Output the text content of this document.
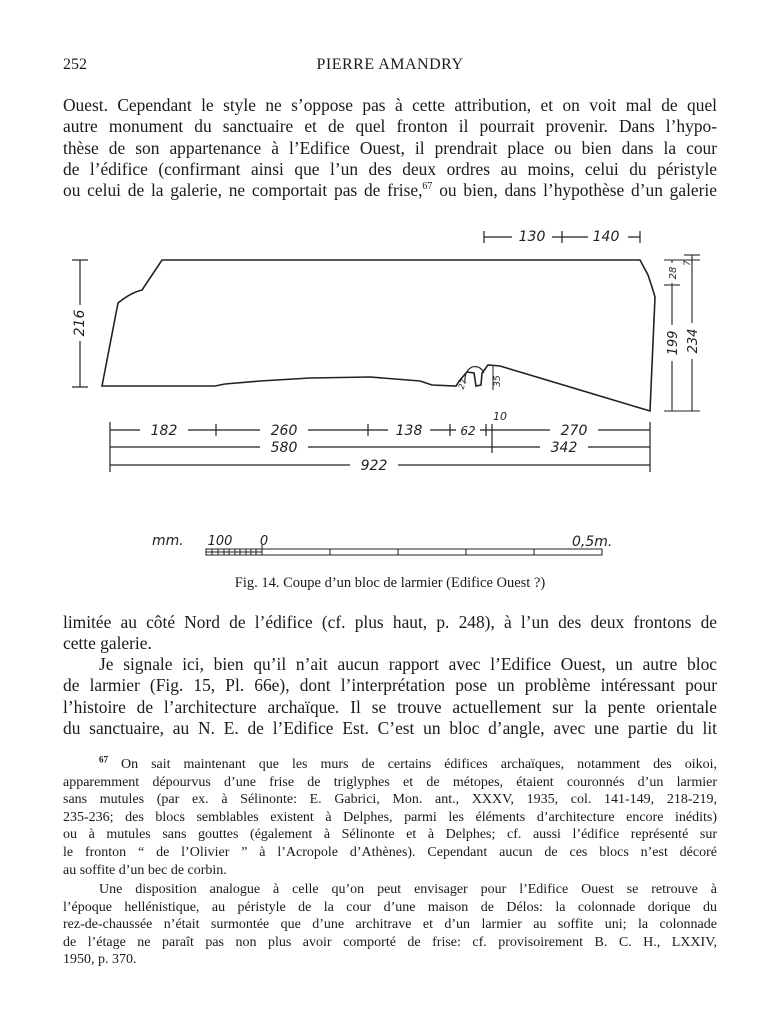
252	PIERRE AMANDRY

Ouest. Cependant le style ne s’oppose pas à cette attribution, et on voit mal de quel
autre monument du sanctuaire et de quel fronton il pourrait provenir. Dans l’hypo-
thèse de son appartenance à l’Edifice Ouest, il prendrait place ou bien dans la cour
de l’édifice (confirmant ainsi que l’un des deux ordres au moins, celui du péristyle
ou celui de la galerie, ne comportait pas de frise,$^{67}$ ou bien, dans l’hypothèse d’un galerie

130	140
216
28
7
199 234
35
27
182	260	138	62
10
270
580	342
922
mm. 100 0	0,5m.
Fig. 14. Coupe d’un bloc de larmier (Edifice Ouest ?)

limitée au côté Nord de l’édifice (cf. plus haut, p. 248), à l’un des deux frontons de
cette galerie.

Je signale ici, bien qu’il n’ait aucun rapport avec l’Edifice Ouest, un autre bloc
de larmier (Fig. 15, Pl. 66e), dont l’interprétation pose un problème intéressant pour
l’histoire de l’architecture archaïque. Il se trouve actuellement sur la pente orientale
du sanctuaire, au N. E. de l’Edifice Est. C’est un bloc d’angle, avec une partie du lit

$^{67}$ On sait maintenant que les murs de certains édifices archaïques, notamment des oikoi,
apparemment dépourvus d’une frise de triglyphes et de métopes, étaient couronnés d’un larmier
sans mutules (par ex. à Sélinonte: E. Gabrici, Mon. ant., XXXV, 1935, col. 141-149, 218-219,
235-236; des blocs semblables existent à Delphes, parmi les éléments d’architecture encore inédits)
ou à mutules sans gouttes (également à Sélinonte et à Delphes; cf. aussi l’édifice représenté sur
le fronton “ de l’Olivier ” à l’Acropole d’Athènes). Cependant aucun de ces blocs n’est décoré
au soffite d’un bec de corbin.

Une disposition analogue à celle qu’on peut envisager pour l’Edifice Ouest se retrouve à
l’époque hellénistique, au péristyle de la cour d’une maison de Délos: la colonnade dorique du
rez-de-chaussée n’était surmontée que d’une architrave et d’un larmier au soffite uni; la colonnade
de l’étage ne paraît pas non plus avoir comporté de frise: cf. provisoirement B. C. H., LXXIV,
1950, p. 370.
